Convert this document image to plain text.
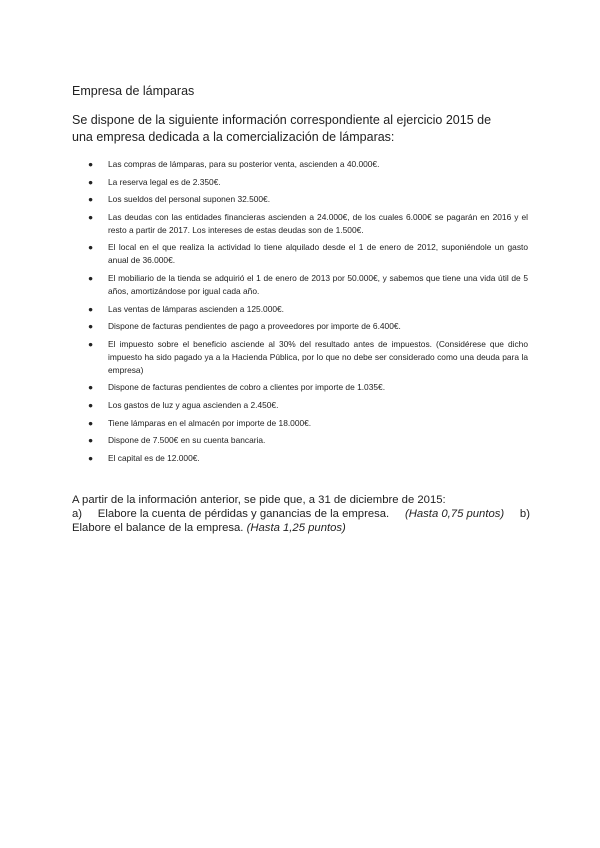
Empresa de lámparas
Se dispone de la siguiente información correspondiente al ejercicio 2015 de una empresa dedicada a la comercialización de lámparas:
● Las compras de lámparas, para su posterior venta, ascienden a 40.000€.
● La reserva legal es de 2.350€.
● Los sueldos del personal suponen 32.500€.
● Las deudas con las entidades financieras ascienden a 24.000€, de los cuales 6.000€ se pagarán en 2016 y el resto a partir de 2017. Los intereses de estas deudas son de 1.500€.
● El local en el que realiza la actividad lo tiene alquilado desde el 1 de enero de 2012, suponiéndole un gasto anual de 36.000€.
● El mobiliario de la tienda se adquirió el 1 de enero de 2013 por 50.000€, y sabemos que tiene una vida útil de 5 años, amortizándose por igual cada año.
● Las ventas de lámparas ascienden a 125.000€.
● Dispone de facturas pendientes de pago a proveedores por importe de 6.400€.
● El impuesto sobre el beneficio asciende al 30% del resultado antes de impuestos. (Considérese que dicho impuesto ha sido pagado ya a la Hacienda Pública, por lo que no debe ser considerado como una deuda para la empresa)
● Dispone de facturas pendientes de cobro a clientes por importe de 1.035€.
● Los gastos de luz y agua ascienden a 2.450€.
● Tiene lámparas en el almacén por importe de 18.000€.
● Dispone de 7.500€ en su cuenta bancaria.
● El capital es de 12.000€.
A partir de la información anterior, se pide que, a 31 de diciembre de 2015:
a) Elabore la cuenta de pérdidas y ganancias de la empresa. (Hasta 0,75 puntos) b)
Elabore el balance de la empresa. (Hasta 1,25 puntos)
